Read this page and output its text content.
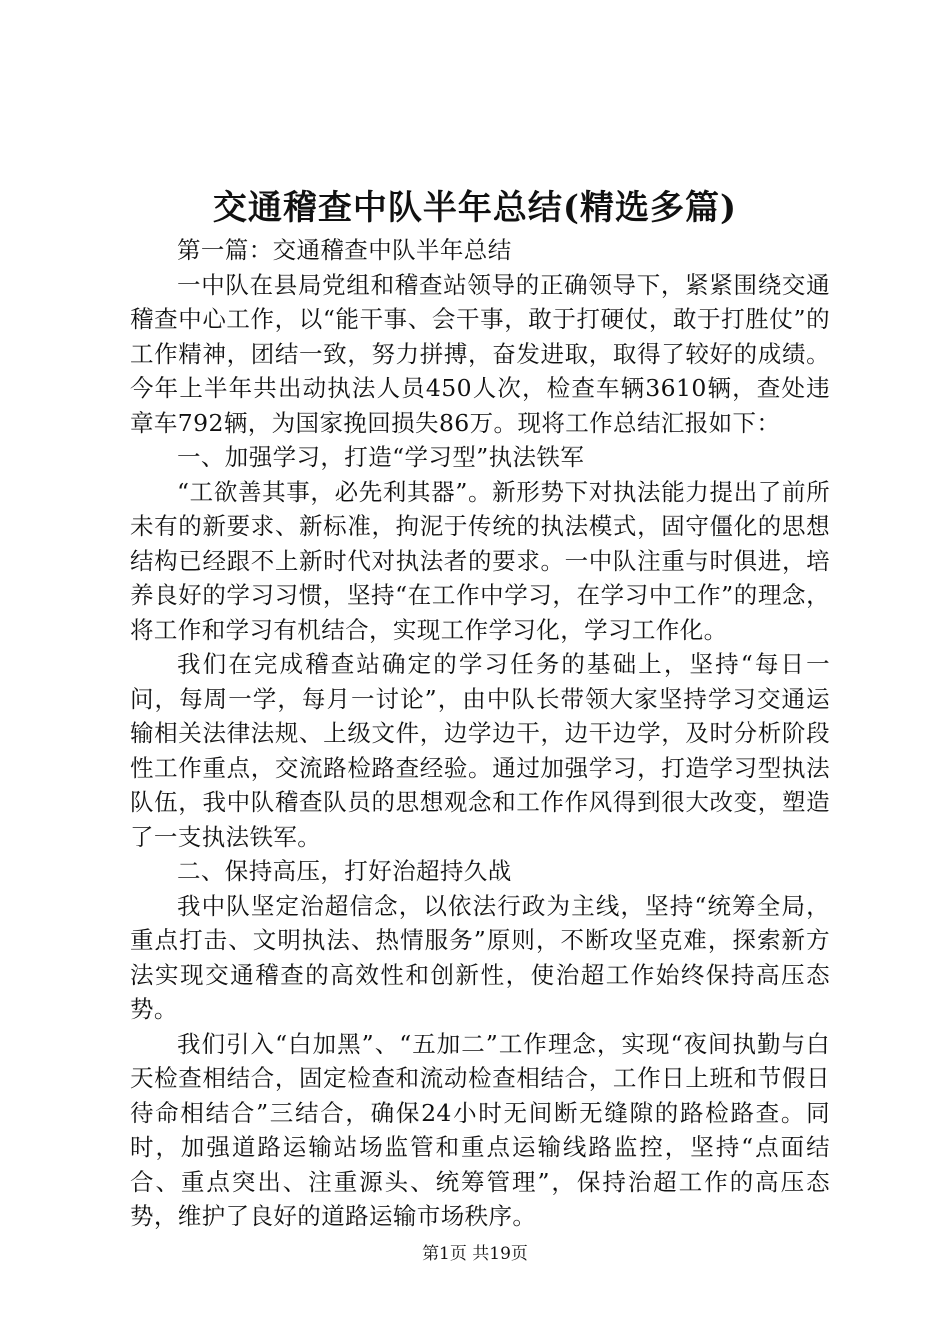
交通稽查中队半年总结(精选多篇)

第一篇：交通稽查中队半年总结

一中队在县局党组和稽查站领导的正确领导下，紧紧围绕交通稽查中心工作，以“能干事、会干事，敢于打硬仗，敢于打胜仗”的工作精神，团结一致，努力拼搏，奋发进取，取得了较好的成绩。今年上半年共出动执法人员450人次，检查车辆3610辆，查处违章车792辆，为国家挽回损失86万。现将工作总结汇报如下：

一、加强学习，打造“学习型”执法铁军

“工欲善其事，必先利其器”。新形势下对执法能力提出了前所未有的新要求、新标准，拘泥于传统的执法模式，固守僵化的思想结构已经跟不上新时代对执法者的要求。一中队注重与时俱进，培养良好的学习习惯，坚持“在工作中学习，在学习中工作”的理念，将工作和学习有机结合，实现工作学习化，学习工作化。

我们在完成稽查站确定的学习任务的基础上，坚持“每日一问，每周一学，每月一讨论”，由中队长带领大家坚持学习交通运输相关法律法规、上级文件，边学边干，边干边学，及时分析阶段性工作重点，交流路检路查经验。通过加强学习，打造学习型执法队伍，我中队稽查队员的思想观念和工作作风得到很大改变，塑造了一支执法铁军。

二、保持高压，打好治超持久战

我中队坚定治超信念，以依法行政为主线，坚持“统筹全局，重点打击、文明执法、热情服务”原则，不断攻坚克难，探索新方法实现交通稽查的高效性和创新性，使治超工作始终保持高压态势。

我们引入“白加黑”、“五加二”工作理念，实现“夜间执勤与白天检查相结合，固定检查和流动检查相结合，工作日上班和节假日待命相结合”三结合，确保24小时无间断无缝隙的路检路查。同时，加强道路运输站场监管和重点运输线路监控，坚持“点面结合、重点突出、注重源头、统筹管理”，保持治超工作的高压态势，维护了良好的道路运输市场秩序。

第1页 共19页
